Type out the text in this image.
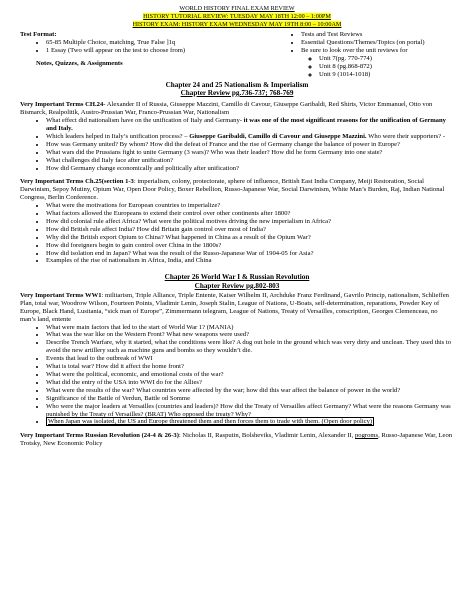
WORLD HISTORY FINAL EXAM REVIEW
HISTORY TUTORIAL REVIEW: TUESDAY MAY 18TH 12:00 – 1:00PM
HISTORY EXAM: HISTORY EXAM WEDNESDAY MAY 19TH 8:00 – 10:00AM
Test Format:
• 65-85 Multiple Choice, matching, True False ]1q
• 1 Essay (Two will appear on the test to choose from)
Notes, Quizzes, & Assignments
• Tests and Test Reviews
• Essential Questions/Themes/Topics (on portal)
• Be sure to look over the unit reviews for
◦ Unit 7(pg. 770-774)
◦ Unit 8 (pg.868-872)
◦ Unit 9 (1014-1018)
Chapter 24 and 25 Nationalism & Imperialism
Chapter Review pg.736-737; 768-769
Very Important Terms CH.24- Alexander II of Russia, Giuseppe Mazzini, Camillo di Cavour, Giuseppe Garibaldi, Red Shirts, Victor Emmanuel, Otto von Bismarck, Realpolitik, Austro-Prussian War, Franco-Prussian War, Nationalism
• What effect did nationalism have on the unification of Italy and Germany- it was one of the most significant reasons for the unification of Germany and Italy.
• Which leaders helped in Italy’s unification process? – Giuseppe Garibaldi, Camillo di Cavour and Giuseppe Mazzini. Who were their supporters? -
• How was Germany united? By whom? How did the defeat of France and the rise of Germany change the balance of power in Europe?
• What wars did the Prussians fight to unite Germany (3 wars)? Who was their leader? How did he form Germany into one state?
• What challenges did Italy face after unification?
• How did Germany change economically and politically after unification?
Very Important Terms Ch.25(section 1-3: imperialism, colony, protectorate, sphere of influence, British East India Company, Meiji Restoration, Social Darwinism, Sepoy Mutiny, Opium War, Open Door Policy, Boxer Rebellion, Russo-Japanese War, Social Darwinism, White Man’s Burden, Raj, Indian National Congress, Berlin Conference.
• What were the motivations for European countries to imperialize?
• What factors allowed the Europeans to extend their control over other continents after 1800?
• How did colonial rule affect Africa? What were the political motives driving the new imperialism in Africa?
• How did British rule affect India? How did Britain gain control over most of India?
• Why did the British export Opium to China? What happened in China as a result of the Opium War?
• How did foreigners begin to gain control over China in the 1800s?
• How did isolation end in Japan? What was the result of the Russo-Japanese War of 1904-05 for Asia?
• Examples of the rise of nationalism in Africa, India, and China
Chapter 26 World War I & Russian Revolution
Chapter Review pg.802-803
Very Important Terms WW1: militarism, Triple Alliance, Triple Entente, Kaiser Wilhelm II, Archduke Franz Ferdinand, Gavrilo Princip, nationalism, Schlieffen Plan, total war, Woodrow Wilson, Fourteen Points, Vladimir Lenin, Joseph Stalin, League of Nations, U-Boats, self-determination, reparations, Powder Key of Europe, Black Hand, Lusitania, “sick man of Europe”, Zimmermann telegram, League of Nations, Treaty of Versailles, conscription, Georges Clemenceau, no man’s land, entente
• What were main factors that led to the start of World War 1? (MANIA)
• What was the war like on the Western Front? What new weapons were used?
• Describe Trench Warfare, why it started, what the conditions were like? A dug out hole in the ground which was very dirty and unclean. They used this to avoid the new artillery such as machine guns and bombs so they wouldn’t die.
• Events that lead to the outbreak of WWI
• What is total war? How did it affect the home front?
• What were the political, economic, and emotional costs of the war?
• What did the entry of the USA into WWI do for the Allies?
• What were the results of the war? What countries were affected by the war; how did this war affect the balance of power in the world?
• Significance of the Battle of Verdun, Battle od Somme
• Who were the major leaders at Versailles (countries and leaders)? How did the Treaty of Versailles affect Germany? What were the reasons Germany was punished by the Treaty of Versailles? (BRAT) Who opposed the treaty? Why?
• When Japan was isolated, the US and Europe threatened them and then forces them to trade with them. (Open door policy)
Very Important Terms Russian Revolution (24-4 & 26-3): Nicholas II, Rasputin, Bolsheviks, Vladimir Lenin, Alexander II, pogroms, Russo-Japanese War, Leon Trotsky, New Economic Policy
